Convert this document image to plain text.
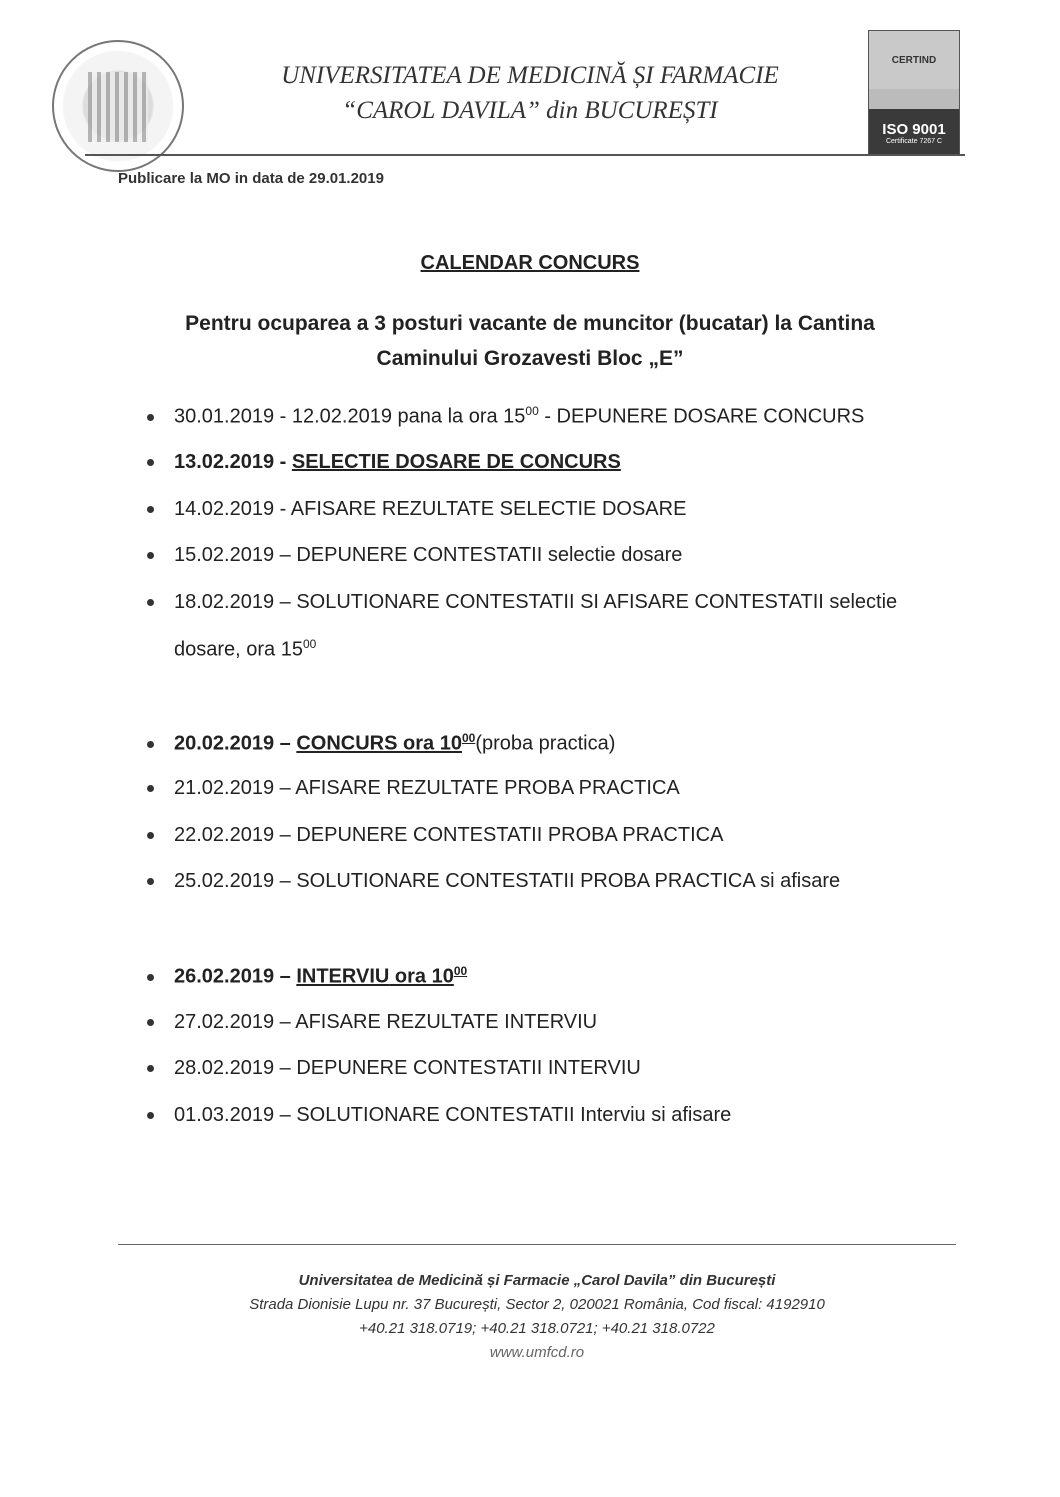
UNIVERSITATEA DE MEDICINĂ ȘI FARMACIE
“CAROL DAVILA” din BUCUREȘTI
CERTIND
ISO 9001
Certificate 7267 C
Publicare la MO in data de 29.01.2019
CALENDAR CONCURS
Pentru ocuparea a 3 posturi vacante de muncitor (bucatar) la Cantina
Caminului Grozavesti Bloc „E”
30.01.2019 - 12.02.2019 pana la ora $15^{00}$ - DEPUNERE DOSARE CONCURS
13.02.2019 - SELECTIE DOSARE DE CONCURS
14.02.2019 - AFISARE REZULTATE SELECTIE DOSARE
15.02.2019 – DEPUNERE CONTESTATII selectie dosare
18.02.2019 – SOLUTIONARE CONTESTATII SI AFISARE CONTESTATII selectie
dosare, ora $15^{00}$
20.02.2019 – CONCURS ora $10^{00}(proba$ practica)
21.02.2019 – AFISARE REZULTATE PROBA PRACTICA
22.02.2019 – DEPUNERE CONTESTATII PROBA PRACTICA
25.02.2019 – SOLUTIONARE CONTESTATII PROBA PRACTICA si afisare
26.02.2019 – INTERVIU ora $10^{00}$
27.02.2019 – AFISARE REZULTATE INTERVIU
28.02.2019 – DEPUNERE CONTESTATII INTERVIU
01.03.2019 – SOLUTIONARE CONTESTATII Interviu si afisare
Universitatea de Medicină și Farmacie „Carol Davila” din București
Strada Dionisie Lupu nr. 37 București, Sector 2, 020021 România, Cod fiscal: 4192910
+40.21 318.0719; +40.21 318.0721; +40.21 318.0722
www.umfcd.ro
